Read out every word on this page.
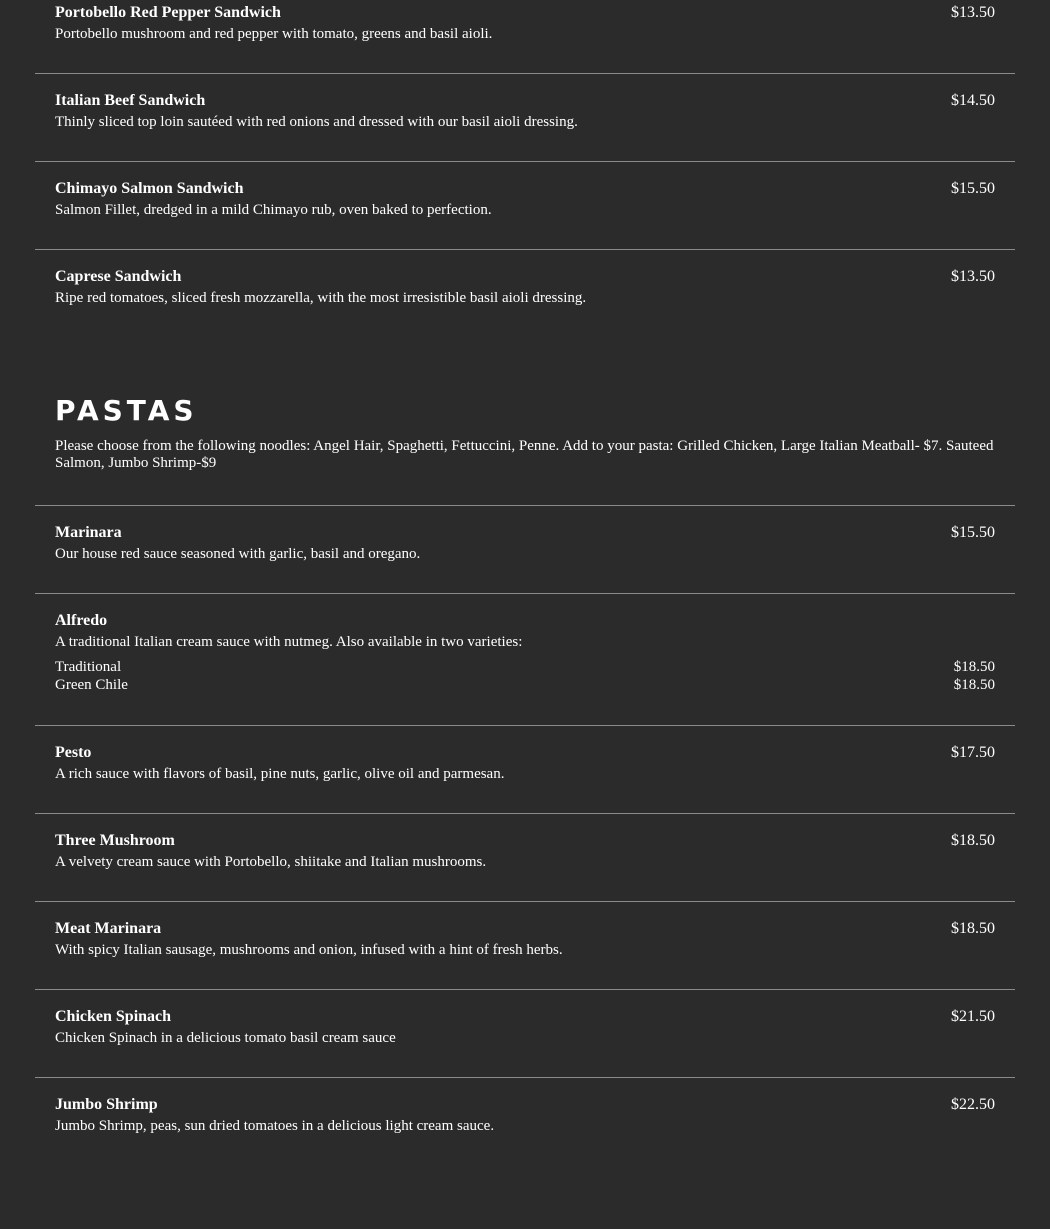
Portobello Red Pepper Sandwich	$13.50
Portobello mushroom and red pepper with tomato, greens and basil aioli.
Italian Beef Sandwich	$14.50
Thinly sliced top loin sautéed with red onions and dressed with our basil aioli dressing.
Chimayo Salmon Sandwich	$15.50
Salmon Fillet, dredged in a mild Chimayo rub, oven baked to perfection.
Caprese Sandwich	$13.50
Ripe red tomatoes, sliced fresh mozzarella, with the most irresistible basil aioli dressing.
PASTAS
Please choose from the following noodles: Angel Hair, Spaghetti, Fettuccini, Penne. Add to your pasta: Grilled Chicken, Large Italian Meatball- $7. Sauteed Salmon, Jumbo Shrimp-$9
Marinara	$15.50
Our house red sauce seasoned with garlic, basil and oregano.
Alfredo
A traditional Italian cream sauce with nutmeg. Also available in two varieties:
Traditional	$18.50
Green Chile	$18.50
Pesto	$17.50
A rich sauce with flavors of basil, pine nuts, garlic, olive oil and parmesan.
Three Mushroom	$18.50
A velvety cream sauce with Portobello, shiitake and Italian mushrooms.
Meat Marinara	$18.50
With spicy Italian sausage, mushrooms and onion, infused with a hint of fresh herbs.
Chicken Spinach	$21.50
Chicken Spinach in a delicious tomato basil cream sauce
Jumbo Shrimp	$22.50
Jumbo Shrimp, peas, sun dried tomatoes in a delicious light cream sauce.
